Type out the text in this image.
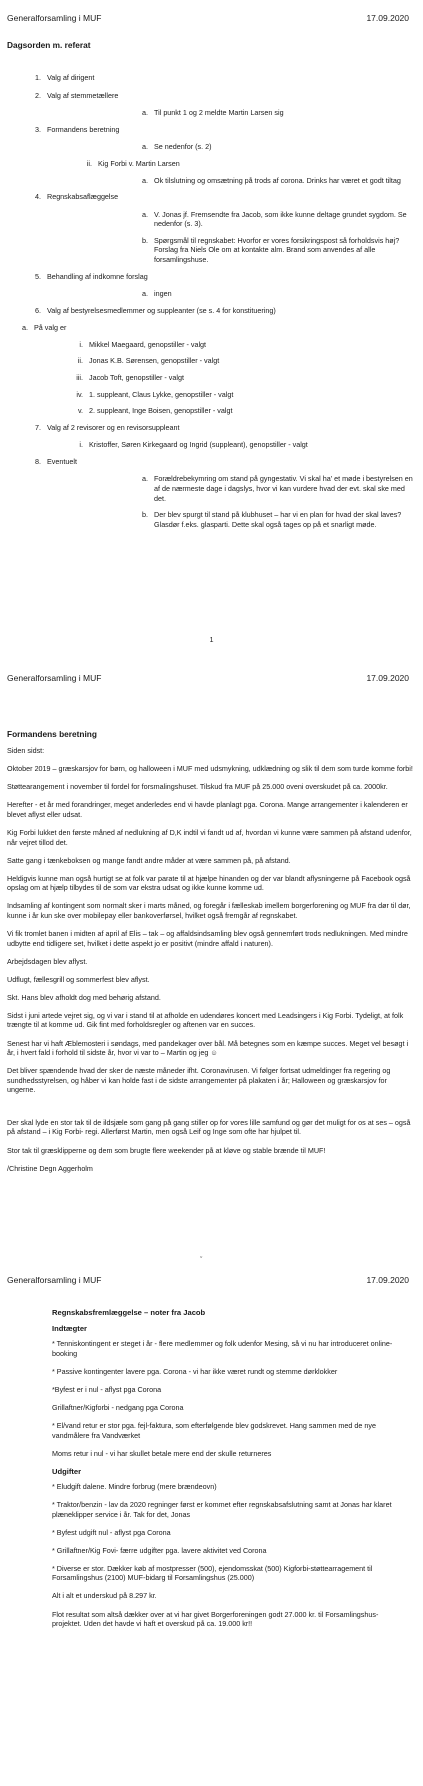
Generalforsamling i MUF	17.09.2020
Dagsorden m. referat
1. Valg af dirigent
2. Valg af stemmetællere
a. Til punkt 1 og 2 meldte Martin Larsen sig
3. Formandens beretning
a. Se nedenfor (s. 2)
ii. Kig Forbi v. Martin Larsen
a. Ok tilslutning og omsætning på trods af corona. Drinks har været et godt tiltag
4. Regnskabsaflæggelse
a. V. Jonas jf. Fremsendte fra Jacob, som ikke kunne deltage grundet sygdom. Se nedenfor (s. 3).
b. Spørgsmål til regnskabet: Hvorfor er vores forsikringspost så forholdsvis høj? Forslag fra Niels Ole om at kontakte alm. Brand som anvendes af alle forsamlingshuse.
5. Behandling af indkomne forslag
a. ingen
6. Valg af bestyrelsesmedlemmer og suppleanter (se s. 4 for konstituering)
a. På valg er
i. Mikkel Maegaard, genopstiller - valgt
ii. Jonas K.B. Sørensen, genopstiller - valgt
iii. Jacob Toft, genopstiller - valgt
iv. 1. suppleant, Claus Lykke, genopstiller - valgt
v. 2. suppleant, Inge Boisen, genopstiller - valgt
7. Valg af 2 revisorer og en revisorsuppleant
i. Kristoffer, Søren Kirkegaard og Ingrid (suppleant), genopstiller - valgt
8. Eventuelt
a. Forældrebekymring om stand på gyngestativ. Vi skal ha' et møde i bestyrelsen en af de nærmeste dage i dagslys, hvor vi kan vurdere hvad der evt. skal ske med det.
b. Der blev spurgt til stand på klubhuset – har vi en plan for hvad der skal laves? Glasdør f.eks. glasparti. Dette skal også tages op på et snarligt møde.
1
Generalforsamling i MUF	17.09.2020
Formandens beretning
Siden sidst:
Oktober 2019 – græskarsjov for børn, og halloween i MUF med udsmykning, udklædning og slik til dem som turde komme forbi!
Støttearangement i november til fordel for forsmalingshuset. Tilskud fra MUF på 25.000 oveni overskudet på ca. 2000kr.
Herefter - et år med forandringer, meget anderledes end vi havde planlagt pga. Corona. Mange arrangementer i kalenderen er blevet aflyst eller udsat.
Kig Forbi lukket den første måned af nedlukning af D,K indtil vi fandt ud af, hvordan vi kunne være sammen på afstand udenfor, når vejret tillod det.
Satte gang i tænkeboksen og mange fandt andre måder at være sammen på, på afstand.
Heldigvis kunne man også hurtigt se at folk var parate til at hjælpe hinanden og der var blandt aflysningerne på Facebook også opslag om at hjælp tilbydes til de som var ekstra udsat og ikke kunne komme ud.
Indsamling af kontingent som normalt sker i marts måned, og foregår i fælleskab imellem borgerforening og MUF fra dør til dør, kunne i år kun ske over mobilepay eller bankoverførsel, hvilket også fremgår af regnskabet.
Vi fik tromlet banen i midten af april af Elis – tak – og affaldsindsamling blev også gennemført trods nedlukningen. Med mindre udbytte end tidligere set, hvilket i dette aspekt jo er positivt (mindre affald i naturen).
Arbejdsdagen blev aflyst.
Udflugt, fællesgrill og sommerfest blev aflyst.
Skt. Hans blev afholdt dog med behørig afstand.
Sidst i juni artede vejret sig, og vi var i stand til at afholde en udendøres koncert med Leadsingers i Kig Forbi. Tydeligt, at folk trængte til at komme ud. Gik fint med forholdsregler og aftenen var en succes.
Senest har vi haft Æblemosteri i søndags, med pandekager over bål. Må betegnes som en kæmpe succes. Meget vel besøgt i år, i hvert fald i forhold til sidste år, hvor vi var to – Martin og jeg ☺
Det bliver spændende hvad der sker de næste måneder ifht. Coronavirusen. Vi følger fortsat udmeldinger fra regering og sundhedsstyrelsen, og håber vi kan holde fast i de sidste arrangementer på plakaten i år; Halloween og græskarsjov for ungerne.
Der skal lyde en stor tak til de ildsjæle som gang på gang stiller op for vores lille samfund og gør det muligt for os at ses – også på afstand – i Kig Forbi- regi. Allerførst Martin, men også Leif og Inge som ofte har hjulpet til.
Stor tak til græsklipperne og dem som brugte flere weekender på at kløve og stable brænde til MUF!
/Christine Degn Aggerholm
ˇ
Generalforsamling i MUF	17.09.2020
Regnskabsfremlæggelse – noter fra Jacob
Indtægter
* Tenniskontingent er steget i år - flere medlemmer og folk udenfor Mesing, så vi nu har introduceret online-booking
* Passive kontingenter lavere pga. Corona - vi har ikke været rundt og stemme dørklokker
*Byfest er i nul - aflyst pga Corona
Grillaftner/Kigforbi - nedgang pga Corona
* El/vand retur er stor pga. fejl-faktura, som efterfølgende blev godskrevet. Hang sammen med de nye vandmålere fra Vandværket
Moms retur i nul - vi har skullet betale mere end der skulle returneres
Udgifter
* Eludgift dalene. Mindre forbrug (mere brændeovn)
* Traktor/benzin - lav da 2020 regninger først er kommet efter regnskabsafslutning samt at Jonas har klaret plæneklipper service i år. Tak for det, Jonas
* Byfest udgift nul - aflyst pga Corona
* Grillaftner/Kig Fovi- færre udgifter pga. lavere aktivitet ved Corona
* Diverse er stor. Dækker køb af mostpresser (500), ejendomsskat (500) Kigforbi-støttearragement til Forsamlingshus (2100) MUF-bidarg til Forsamlingshus (25.000)
Alt i alt et underskud på 8.297 kr.
Flot resultat som altså dækker over at vi har givet Borgerforeningen godt 27.000 kr. til Forsamlingshus-projektet. Uden det havde vi haft et overskud på ca. 19.000 kr!!
